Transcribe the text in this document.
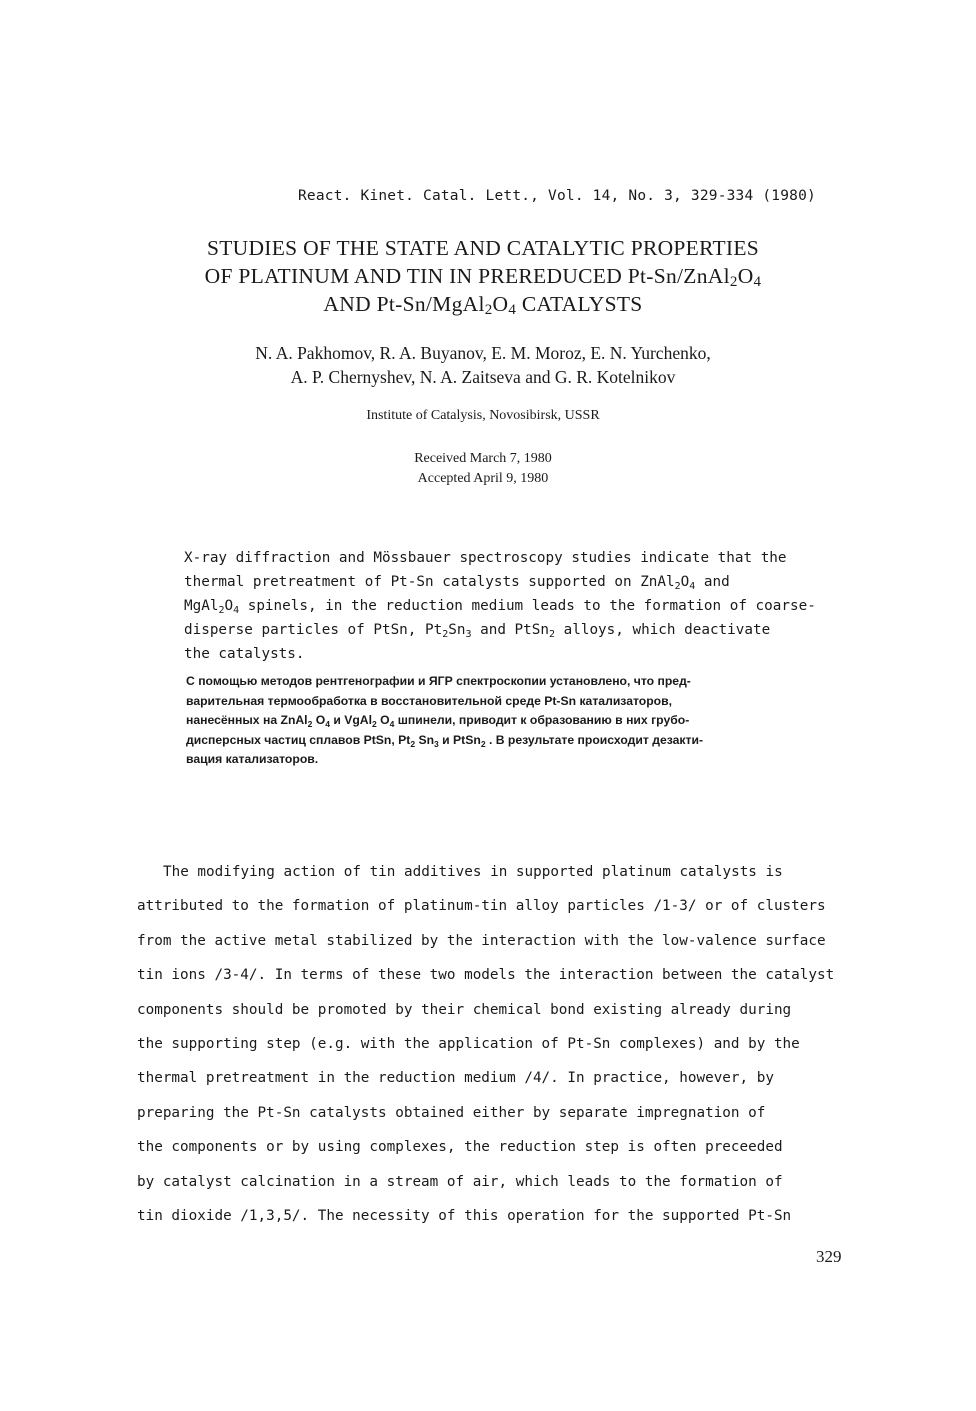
React. Kinet. Catal. Lett., Vol. 14, No. 3, 329-334 (1980)
STUDIES OF THE STATE AND CATALYTIC PROPERTIES
OF PLATINUM AND TIN IN PREREDUCED $Pt-Sn/ZnAl_2O_4$
AND $Pt-Sn/MgAl_2O_4$ CATALYSTS
N. A. Pakhomov, R. A. Buyanov, E. M. Moroz, E. N. Yurchenko,
A. P. Chernyshev, N. A. Zaitseva and G. R. Kotelnikov
Institute of Catalysis, Novosibirsk, USSR
Received March 7, 1980
Accepted April 9, 1980
X-ray diffraction and Mössbauer spectroscopy studies indicate that the
thermal pretreatment of Pt-Sn catalysts supported on $ZnAl_2O_4$ and
$MgAl_2O_4$ spinels, in the reduction medium leads to the formation of coarse-
disperse particles of PtSn, $Pt_2Sn_3$ and PtSn$_2$ alloys, which deactivate
the catalysts.
С помощью методов рентгенографии и ЯГР спектроскопии установлено, что пред-
варительная термообработка в восстановительной среде Pt-Sn катализаторов,
нанесённых на ZnAl$_2$ $O_4$ и VgAl$_2$ $O_4$ шпинели, приводит к образованию в них грубо-
дисперсных частиц сплавов PtSn, $Pt_2$ $Sn_3$ и PtSn$_2$ . В результате происходит дезакти-
вация катализаторов.
The modifying action of tin additives in supported platinum catalysts is
attributed to the formation of platinum-tin alloy particles /1-3/ or of clusters
from the active metal stabilized by the interaction with the low-valence surface
tin ions /3-4/. In terms of these two models the interaction between the catalyst
components should be promoted by their chemical bond existing already during
the supporting step (e.g. with the application of Pt-Sn complexes) and by the
thermal pretreatment in the reduction medium /4/. In practice, however, by
preparing the Pt-Sn catalysts obtained either by separate impregnation of
the components or by using complexes, the reduction step is often preceeded
by catalyst calcination in a stream of air, which leads to the formation of
tin dioxide /1,3,5/. The necessity of this operation for the supported Pt-Sn
329
